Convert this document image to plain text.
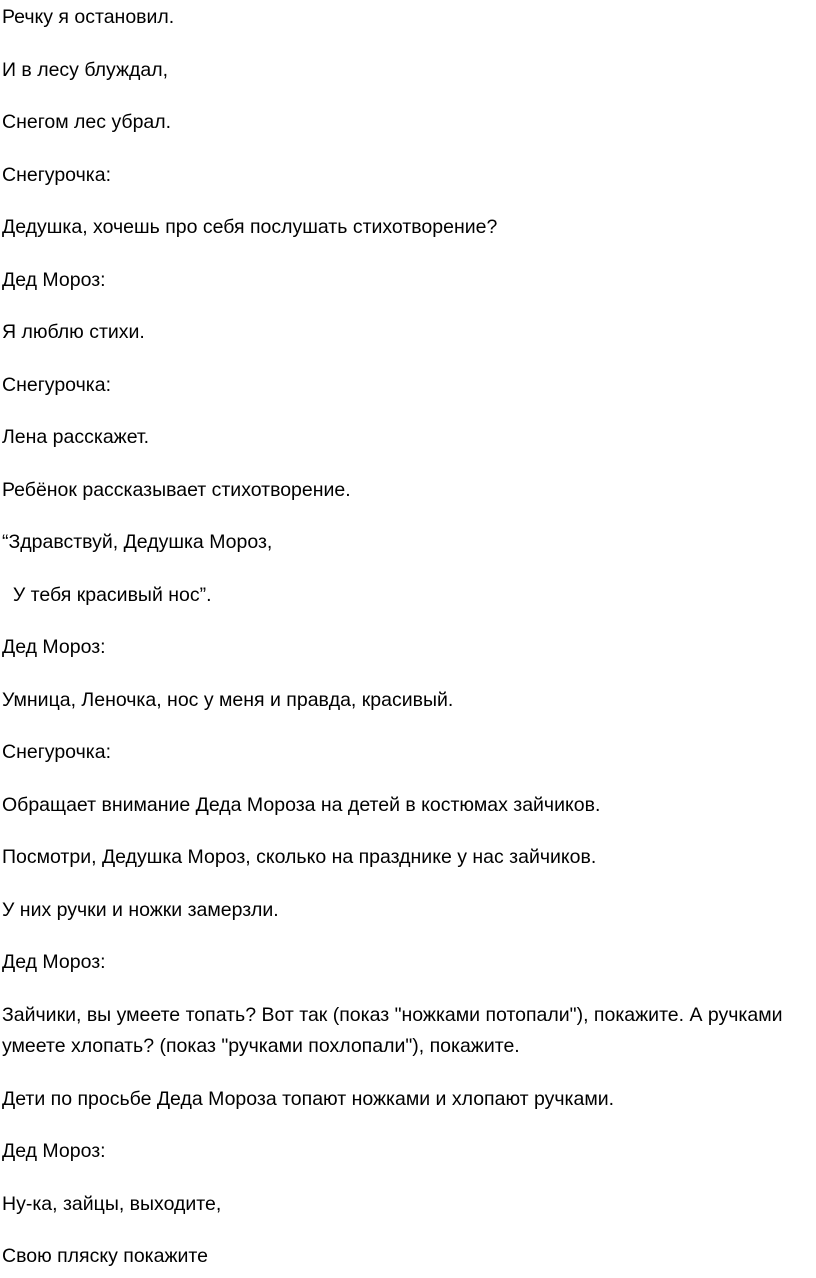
Речку я остановил.

И в лесу блуждал,

Снегом лес убрал.

Снегурочка:

Дедушка, хочешь про себя послушать стихотворение?

Дед Мороз:

Я люблю стихи.

Снегурочка:

Лена расскажет.

Ребёнок рассказывает стихотворение.

“Здравствуй, Дедушка Мороз,

У тебя красивый нос”.

Дед Мороз:

Умница, Леночка, нос у меня и правда, красивый.

Снегурочка:

Обращает внимание Деда Мороза на детей в костюмах зайчиков.

Посмотри, Дедушка Мороз, сколько на празднике у нас зайчиков.

У них ручки и ножки замерзли.

Дед Мороз:

Зайчики, вы умеете топать? Вот так (показ "ножками потопали"), покажите. А ручками умеете хлопать? (показ "ручками похлопали"), покажите.

Дети по просьбе Деда Мороза топают ножками и хлопают ручками.

Дед Мороз:

Ну-ка, зайцы, выходите,

Свою пляску покажите
